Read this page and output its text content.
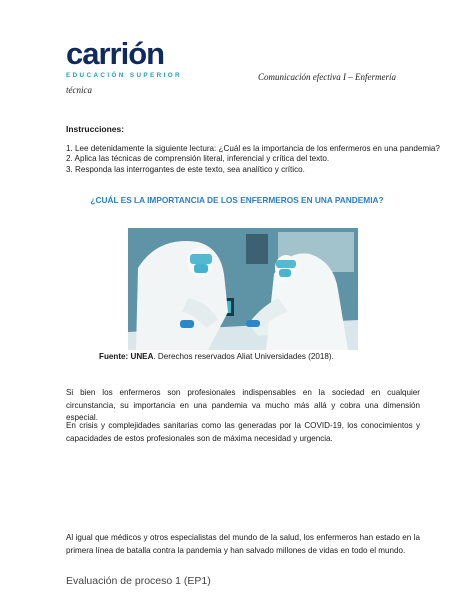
carrión
EDUCACIÓN SUPERIOR	Comunicación efectiva I – Enfermería
técnica
Instrucciones:
1. Lee detenidamente la siguiente lectura: ¿Cuál es la importancia de los enfermeros en una pandemia?
2. Aplica las técnicas de comprensión literal, inferencial y crítica del texto.
3. Responda las interrogantes de este texto, sea analítico y crítico.
¿CUÁL ES LA IMPORTANCIA DE LOS ENFERMEROS EN UNA PANDEMIA?
Fuente: UNEA. Derechos reservados Aliat Universidades (2018).

Si bien los enfermeros son profesionales indispensables en la sociedad en cualquier circunstancia, su importancia en una pandemia va mucho más allá y cobra una dimensión especial.

En crisis y complejidades sanitarias como las generadas por la COVID-19, los conocimientos y capacidades de estos profesionales son de máxima necesidad y urgencia.

Al igual que médicos y otros especialistas del mundo de la salud, los enfermeros han estado en la primera línea de batalla contra la pandemia y han salvado millones de vidas en todo el mundo.

Evaluación de proceso 1 (EP1)
